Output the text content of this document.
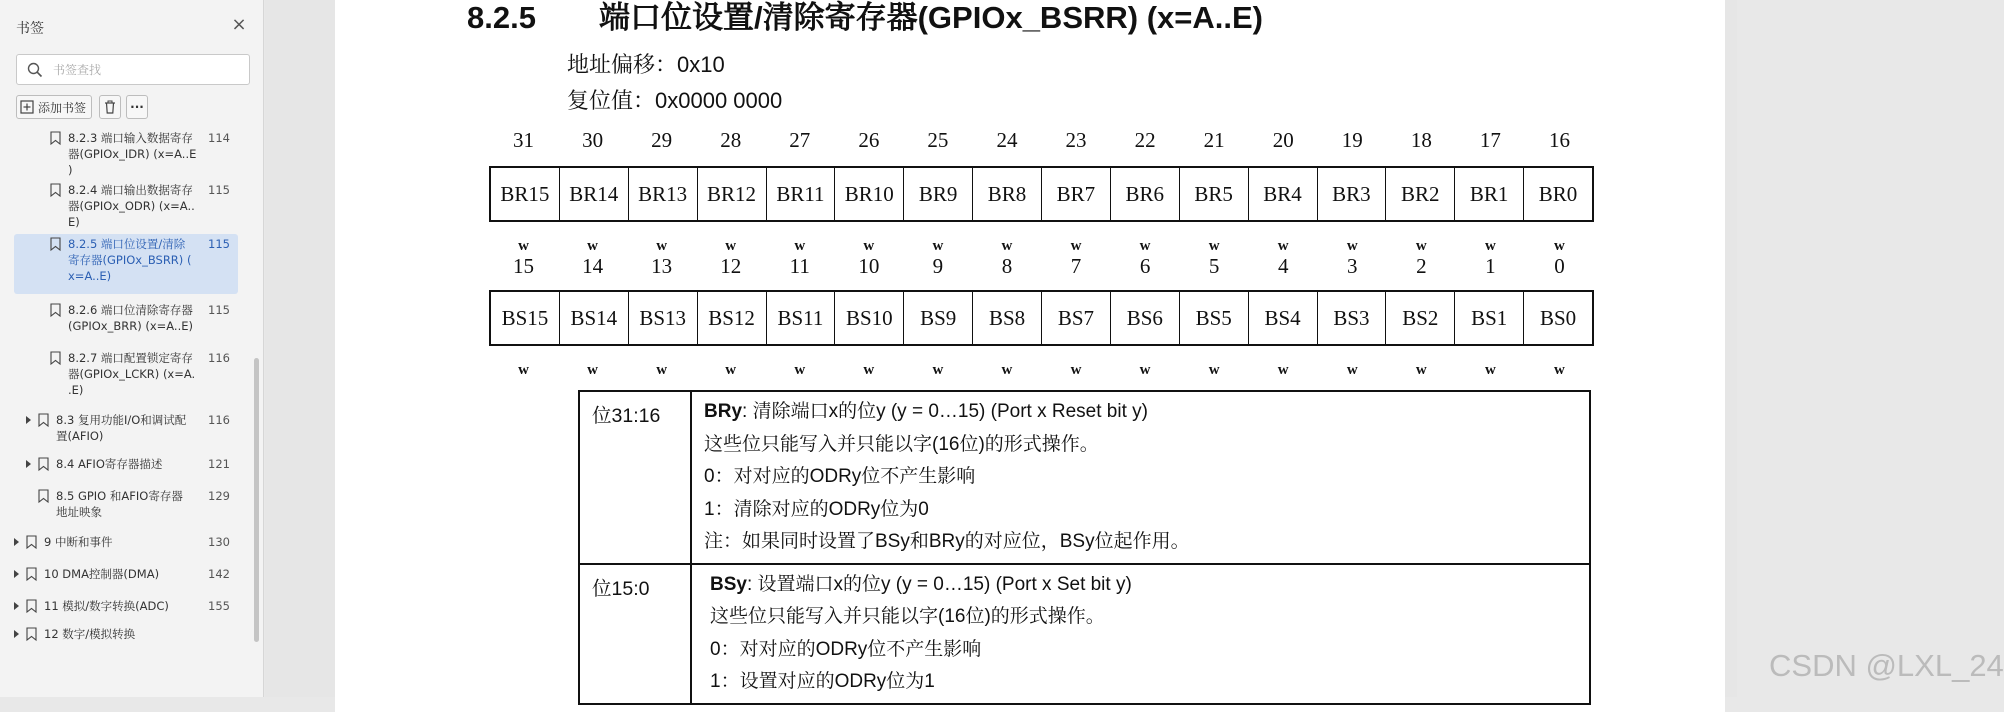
书签	×
书签查找
添加书签	···
8.2.3 端口输入数据寄存
器(GPIOx_IDR) (x=A..E
)
114
8.2.4 端口输出数据寄存
器(GPIOx_ODR) (x=A..
E)
115
8.2.5 端口位设置/清除
寄存器(GPIOx_BSRR) (
x=A..E)
115
8.2.6 端口位清除寄存器
(GPIOx_BRR) (x=A..E)
115
8.2.7 端口配置锁定寄存
器(GPIOx_LCKR) (x=A.
.E)
116
8.3 复用功能I/O和调试配
置(AFIO)
116
8.4 AFIO寄存器描述	121
8.5 GPIO 和AFIO寄存器
地址映象
129
9 中断和事件	130
10 DMA控制器(DMA)	142
11 模拟/数字转换(ADC)	155
12 数字/模拟转换
8.2.5 端口位设置/清除寄存器(GPIOx_BSRR) (x=A..E)
地址偏移：0x10
复位值：0x0000 0000
31	30	29	28	27	26	25	24	23	22	21	20	19	18	17	16
BR15 BR14 BR13 BR12 BR11 BR10	BR9	BR8	BR7	BR6	BR5	BR4	BR3	BR2	BR1	BR0
w	w	w	w	w	w	w	w	w	w	w	w	w	w	w	w
15	14	13	12	11	10	9	8	7	6	5	4	3	2	1	0
BS15	BS14	BS13	BS12	BS11	BS10	BS9	BS8	BS7	BS6	BS5	BS4	BS3	BS2	BS1	BS0
w	w	w	w	w	w	w	w	w	w	w	w	w	w	w	w
位31:16	BRy: 清除端口x的位y (y = 0…15) (Port x Reset bit y)
这些位只能写入并只能以字(16位)的形式操作。
0：对对应的ODRy位不产生影响
1：清除对应的ODRy位为0
注：如果同时设置了BSy和BRy的对应位，BSy位起作用。
位15:0	BSy: 设置端口x的位y (y = 0…15) (Port x Set bit y)
这些位只能写入并只能以字(16位)的形式操作。
0：对对应的ODRy位不产生影响
1：设置对应的ODRy位为1	CSDN @LXL_24
